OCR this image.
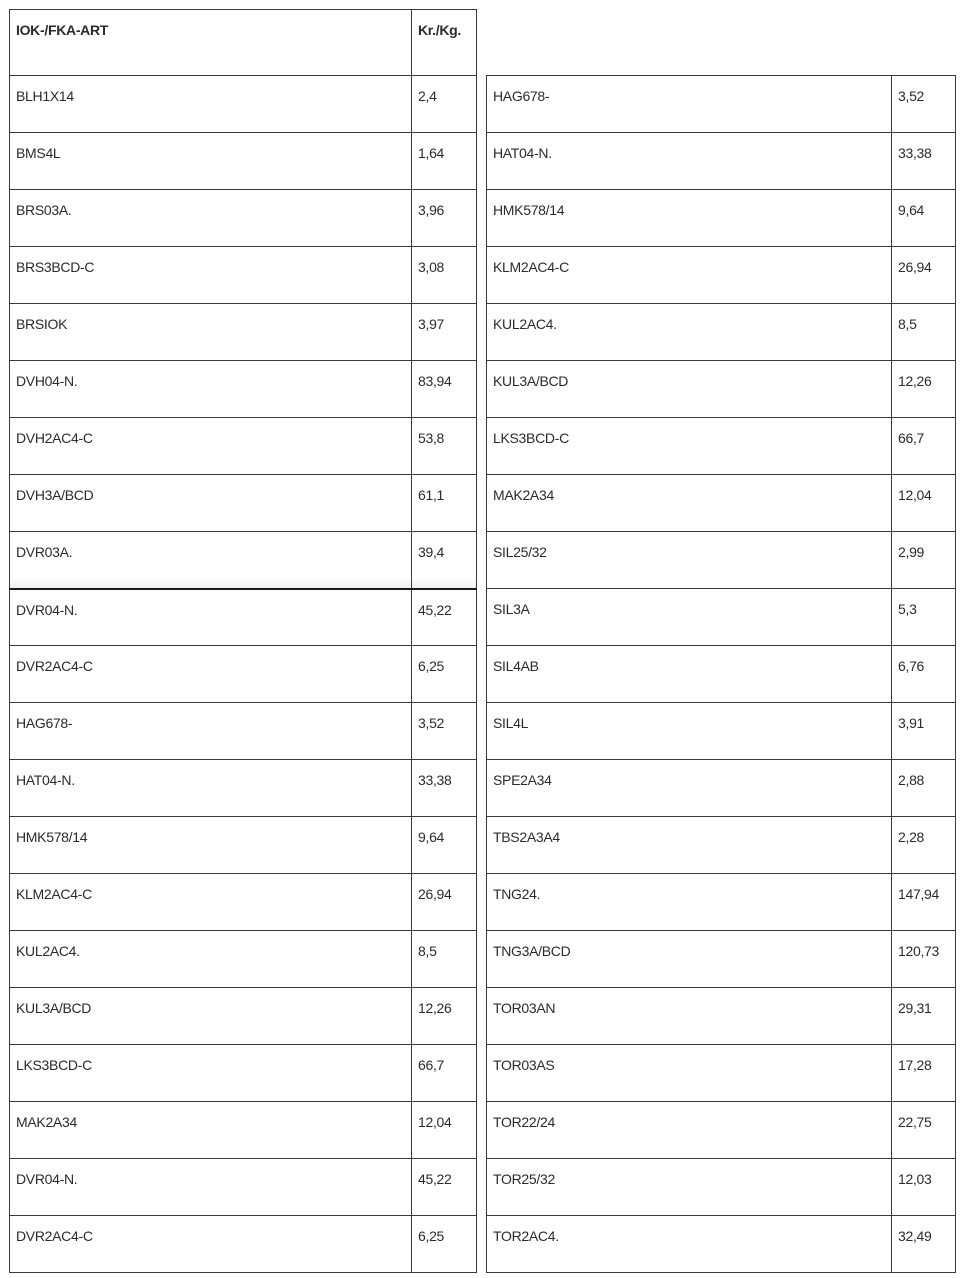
IOK-/FKA-ART	Kr./Kg.
BLH1X14	2,4
BMS4L	1,64
BRS03A.	3,96
BRS3BCD-C	3,08
BRSIOK	3,97
DVH04-N.	83,94
DVH2AC4-C	53,8
DVH3A/BCD	61,1
DVR03A.	39,4
DVR04-N.	45,22
DVR2AC4-C	6,25
HAG678-	3,52
HAT04-N.	33,38
HMK578/14	9,64
KLM2AC4-C	26,94
KUL2AC4.	8,5
KUL3A/BCD	12,26
LKS3BCD-C	66,7
MAK2A34	12,04
DVR04-N.	45,22
DVR2AC4-C	6,25
HAG678-	3,52
HAT04-N.	33,38
HMK578/14	9,64
KLM2AC4-C	26,94
KUL2AC4.	8,5
KUL3A/BCD	12,26
LKS3BCD-C	66,7
MAK2A34	12,04
SIL25/32	2,99
SIL3A	5,3
SIL4AB	6,76
SIL4L	3,91
SPE2A34	2,88
TBS2A3A4	2,28
TNG24.	147,94
TNG3A/BCD	120,73
TOR03AN	29,31
TOR03AS	17,28
TOR22/24	22,75
TOR25/32	12,03
TOR2AC4.	32,49
